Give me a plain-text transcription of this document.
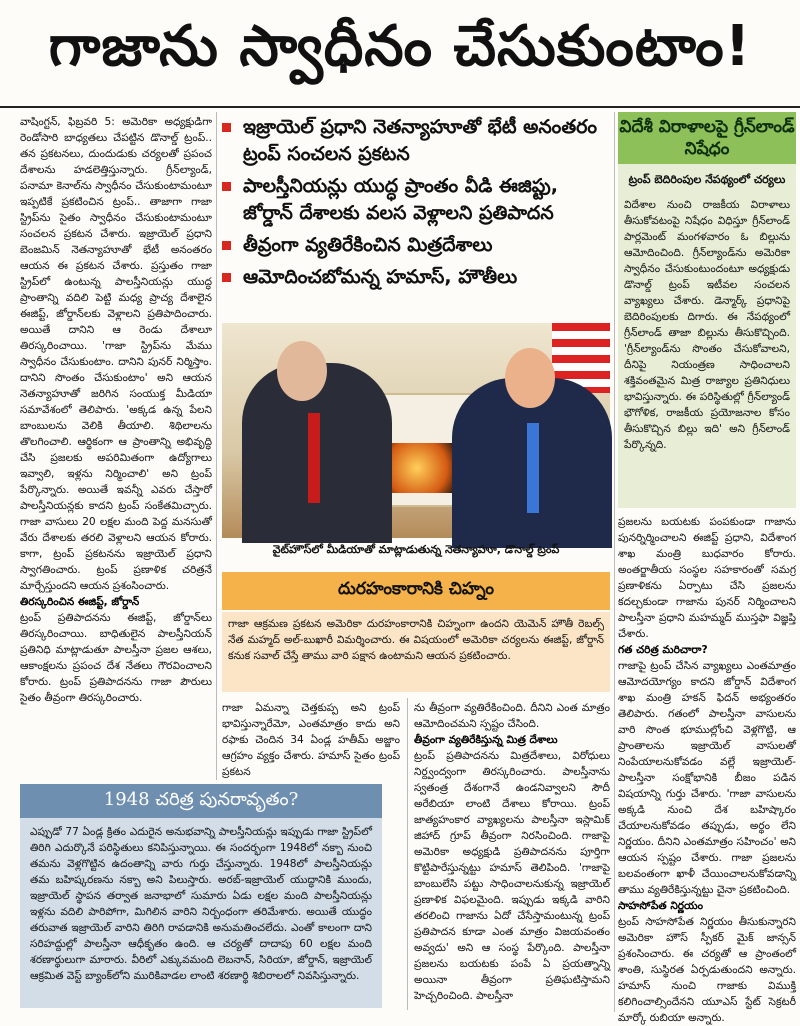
గాజాను స్వాధీనం చేసుకుంటాం!

వాషింగ్టన్, ఫిబ్రవరి 5: అమెరికా అధ్యక్షుడిగా రెండోసారి బాధ్యతలు చేపట్టిన డొనాల్డ్ ట్రంప్.. తన ప్రకటనలు, దుందుడుకు చర్యలతో ప్రపంచ దేశాలను హడలెత్తిస్తున్నారు. గ్రీన్‌ల్యాండ్, పనామా కెనాల్‌ను స్వాధీనం చేసుకుంటామంటూ ఇప్పటికే ప్రకటించిన ట్రంప్.. తాజాగా గాజా స్ట్రిప్‌ను సైతం స్వాధీనం చేసుకుంటామంటూ సంచలన ప్రకటన చేశారు. ఇజ్రాయెల్ ప్రధాని బెంజమిన్ నెతన్యాహూతో భేటీ అనంతరం ఆయన ఈ ప్రకటన చేశారు. ప్రస్తుతం గాజా స్ట్రిప్‌లో ఉంటున్న పాలస్తీనియన్లు యుద్ధ ప్రాంతాన్ని వదిలి పెట్టి మధ్య ప్రాచ్య దేశాలైన ఈజిప్ట్, జోర్డాన్‌లకు వెళ్లాలని ప్రతిపాదించారు. అయితే దానిని ఆ రెండు దేశాలూ తిరస్కరించాయి. 'గాజా స్ట్రిప్‌ను మేము స్వాధీనం చేసుకుంటాం. దానిని పునర్ నిర్మిస్తాం. దానిని సొంతం చేసుకుంటాం' అని ఆయన నెతన్యాహూతో జరిగిన సంయుక్త మీడియా సమావేశంలో తెలిపారు. 'అక్కడ ఉన్న పేలని బాంబులను వెలికి తీయాలి. శిథిలాలను తొలగించాలి. ఆర్థికంగా ఆ ప్రాంతాన్ని అభివృద్ధి చేసి ప్రజలకు అపరిమితంగా ఉద్యోగాలు ఇవ్వాలి, ఇళ్లను నిర్మించాలి' అని ట్రంప్ పేర్కొన్నారు. అయితే ఇవన్నీ ఎవరు చేస్తారో పాలస్తీనియన్లకు కాదని ట్రంప్ సంకేతమిచ్చారు. గాజా వాసులు 20 లక్షల మంది పెద్ద మనసుతో వేరు దేశాలకు తరలి వెళ్లాలని ఆయన కోరారు. కాగా, ట్రంప్ ప్రకటనను ఇజ్రాయెల్ ప్రధాని స్వాగతించారు. ట్రంప్ ప్రణాళిక చరిత్రనే మార్చేస్తుందని ఆయన ప్రశంసించారు.

తిరస్కరించిన ఈజిప్ట్, జోర్డాన్

ట్రంప్ ప్రతిపాదనను ఈజిప్ట్, జోర్డాన్‌లు తిరస్కరించాయి. బాధితులైన పాలస్తీనియన్ ప్రతినిధి మాట్లాడుతూ పాలస్తీనా ప్రజల ఆశలు, ఆకాంక్షలను ప్రపంచ దేశ నేతలు గౌరవించాలని కోరారు. ట్రంప్ ప్రతిపాదనను గాజా పౌరులు సైతం తీవ్రంగా తిరస్కరించారు.

ఇజ్రాయెల్ ప్రధాని నెతన్యాహూతో భేటీ అనంతరం ట్రంప్ సంచలన ప్రకటన
పాలస్తీనియన్లు యుద్ధ ప్రాంతం వీడి ఈజిప్టు, జోర్డాన్ దేశాలకు వలస వెళ్లాలని ప్రతిపాదన
తీవ్రంగా వ్యతిరేకించిన మిత్రదేశాలు
ఆమోదించబోమన్న హమాస్, హౌతీలు
వైట్‌హౌస్‌లో మీడియాతో మాట్లాడుతున్న నెతన్యాహూ, డొనాల్డ్ ట్రంప్
దురహంకారానికి చిహ్నం
గాజా ఆక్రమణ ప్రకటన అమెరికా దురహంకారానికి చిహ్నంగా ఉందని యెమెన్ హౌతీ రెబల్స్ నేత మహ్మద్ అల్-బుఖారీ విమర్శించారు. ఈ విషయంలో అమెరికా చర్యలను ఈజిప్ట్, జోర్డాన్ కనుక సవాల్ చేస్తే తాము వారి పక్షాన ఉంటామని ఆయన ప్రకటించారు.
విదేశీ విరాళాలపై గ్రీన్‌లాండ్ నిషేధం
ట్రంప్ బెదిరింపుల నేపథ్యంలో చర్యలు

విదేశాల నుంచి రాజకీయ విరాళాలు తీసుకోవటంపై నిషేధం విధిస్తూ గ్రీన్‌లాండ్ పార్లమెంట్ మంగళవారం ఓ బిల్లును ఆమోదించింది. గ్రీన్‌ల్యాండ్‌ను అమెరికా స్వాధీనం చేసుకుంటుందంటూ అధ్యక్షుడు డొనాల్డ్ ట్రంప్ ఇటీవల సంచలన వ్యాఖ్యలు చేశారు. డెన్మార్క్ ప్రధానిపై బెదిరింపులకు దిగారు. ఈ నేపథ్యంలో గ్రీన్‌లాండ్ తాజా బిల్లును తీసుకొచ్చింది. 'గ్రీన్‌ల్యాండ్‌ను సొంతం చేసుకోవాలని, దీనిపై నియంత్రణ సాధించాలని శక్తివంతమైన మిత్ర రాజ్యాల ప్రతినిధులు భావిస్తున్నారు. ఈ పరిస్థితుల్లో గ్రీన్‌ల్యాండ్ భౌగోళిక, రాజకీయ ప్రయోజనాల కోసం తీసుకొచ్చిన బిల్లు ఇది' అని గ్రీన్‌లాండ్ పేర్కొన్నది.

గాజా ఏమన్నా చెత్తకుప్ప అని ట్రంప్ భావిస్తున్నారేమో, ఎంతమాత్రం కాదు అని రఫాకు చెందిన 34 ఏండ్ల హతీమ్ అజ్జాం ఆగ్రహం వ్యక్తం చేశారు. హమాస్ సైతం ట్రంప్ ప్రకటన

ను తీవ్రంగా వ్యతిరేకించింది. దీనిని ఎంత మాత్రం ఆమోదించమని స్పష్టం చేసింది.

తీవ్రంగా వ్యతిరేకిస్తున్న మిత్ర దేశాలు

ట్రంప్ ప్రతిపాదనను మిత్రదేశాలు, విరోధులు నిర్ద్వంద్వంగా తిరస్కరించారు. పాలస్తీనాను స్వతంత్ర దేశంగానే ఉండనివ్వాలని సౌదీ అరేబియా లాంటి దేశాలు కోరాయి. ట్రంప్ జాత్యహంకార వ్యాఖ్యలను పాలస్తీనా ఇస్లామిక్ జిహాద్ గ్రూప్ తీవ్రంగా నిరసించింది. గాజాపై అమెరికా అధ్యక్షుడి ప్రతిపాదనను పూర్తిగా కొట్టిపారేస్తున్నట్టు హమాస్ తెలిపింది. 'గాజాపై బాంబులేసి పట్టు సాధించాలనుకున్న ఇజ్రాయెల్ ప్రణాళిక విఫలమైంది. ఇప్పుడు ఇక్కడి వారిని తరలించి గాజాను ఏదో చేసేస్తామంటున్న ట్రంప్ ప్రతిపాదన కూడా ఎంత మాత్రం విజయవంతం అవ్వదు' అని ఆ సంస్థ పేర్కొంది. పాలస్తీనా ప్రజలను బయటకు పంపే ఏ ప్రయత్నాన్ని అయినా తీవ్రంగా ప్రతిఘటిస్తామని హెచ్చరించింది. పాలస్తీనా

ప్రజలను బయటకు పంపకుండా గాజాను పునర్నిర్మించాలని ఈజిప్ట్ ప్రధాని, విదేశాంగ శాఖ మంత్రి బుధవారం కోరారు. అంతర్జాతీయ సంస్థల సహకారంతో సమగ్ర ప్రణాళికను ఏర్పాటు చేసి ప్రజలను కదల్చకుండా గాజాను పునర్ నిర్మించాలని పాలస్తీనా ప్రధాని మహమ్మద్ ముస్తఫా విజ్ఞప్తి చేశారు.

గత చరిత్ర మరిచారా?

గాజాపై ట్రంప్ చేసిన వ్యాఖ్యలు ఎంతమాత్రం ఆమోదయోగ్యం కాదని జోర్డాన్ విదేశాంగ శాఖ మంత్రి హకన్ ఫిదన్ అభ్యంతరం తెలిపారు. గతంలో పాలస్తీనా వాసులను వారి సొంత భూముల్లోంచి వెళ్లగొట్టి, ఆ ప్రాంతాలను ఇజ్రాయెల్ వాసులతో నింపేయాలనుకోవడం వల్లే ఇజ్రాయెల్-పాలస్తీనా సంక్షోభానికి బీజం పడిన విషయాన్ని గుర్తు చేశారు. 'గాజా వాసులను అక్కడి నుంచి దేశ బహిష్కారం చేయాలనుకోవడం తప్పుడు, అర్థం లేని నిర్ణయం. దీనిని ఎంతమాత్రం సహించం' అని ఆయన స్పష్టం చేశారు. గాజా ప్రజలను బలవంతంగా ఖాళీ చేయించాలనుకోవడాన్ని తాము వ్యతిరేకిస్తున్నట్టు చైనా ప్రకటించింది.

సాహసోపేత నిర్ణయం

ట్రంప్ సాహసోపేత నిర్ణయం తీసుకున్నారని అమెరికా హౌస్ స్పీకర్ మైక్ జాన్సన్ ప్రశంసించారు. ఈ చర్యతో ఆ ప్రాంతంలో శాంతి, సుస్థిరత ఏర్పడుతుందని అన్నారు. హమాస్ నుంచి గాజాకు విముక్తి కలిగించాల్సిందేనని యూఎస్ స్టేట్ సెక్రటరీ మార్కో రుబియా అన్నారు.

1948 చరిత్ర పునరావృతం?
ఎప్పుడో 77 ఏండ్ల క్రితం ఎదురైన అనుభవాన్ని పాలస్తీనియన్లు ఇప్పుడు గాజా స్ట్రిప్‌లో తిరిగి ఎదుర్కొనే పరిస్థితులు కనిపిస్తున్నాయి. ఈ సందర్భంగా 1948లో నక్బా నుంచి తమను వెళ్లగొట్టిన ఉదంతాన్ని వారు గుర్తు చేస్తున్నారు. 1948లో పాలస్తీనియన్లు తమ బహిష్కరణను నక్బా అని పిలుస్తారు. అరబ్-ఇజ్రాయెల్ యుద్ధానికి ముందు, ఇజ్రాయెల్ స్థాపన తర్వాత జనాభాలో సుమారు ఏడు లక్షల మంది పాలస్తీనియన్లు ఇళ్లను వదిలి పారిపోగా, మిగిలిన వారిని నిర్బంధంగా తరిమేశారు. అయితే యుద్ధం తరువాత ఇజ్రాయెల్ వారిని తిరిగి రావడానికి అనుమతించలేదు. ఎంతో కాలంగా దాని సరిహద్దుల్లో పాలస్తీనా ఆధీకృతం ఉంది. ఆ చర్యతో దాదాపు 60 లక్షల మంది శరణార్థులుగా మారారు. వీరిలో ఎక్కువమంది లెబనాన్, సిరియా, జోర్డాన్, ఇజ్రాయెల్ ఆక్రమిత వెస్ట్ బ్యాంక్‌లోని మురికివాడల లాంటి శరణార్థి శిబిరాలలో నివసిస్తున్నారు.
